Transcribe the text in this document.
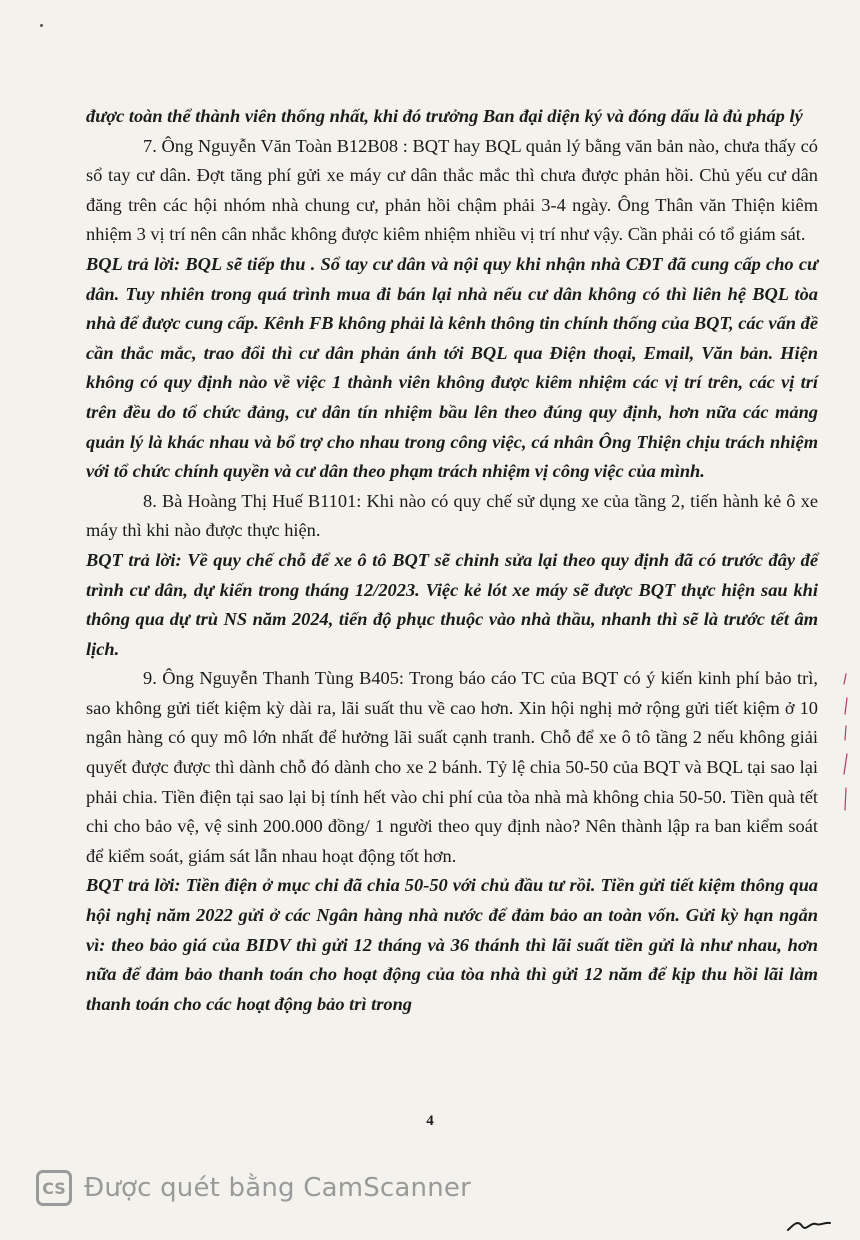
được toàn thể thành viên thống nhất, khi đó trưởng Ban đại diện ký và đóng dấu là đủ pháp lý

7. Ông Nguyễn Văn Toàn B12B08 : BQT hay BQL quản lý bằng văn bản nào, chưa thấy có sổ tay cư dân. Đợt tăng phí gửi xe máy cư dân thắc mắc thì chưa được phản hồi. Chủ yếu cư dân đăng trên các hội nhóm nhà chung cư, phản hồi chậm phải 3-4 ngày. Ông Thân văn Thiện kiêm nhiệm 3 vị trí nên cân nhắc không được kiêm nhiệm nhiều vị trí như vậy. Cần phải có tổ giám sát.

BQL trả lời: BQL sẽ tiếp thu . Sổ tay cư dân và nội quy khi nhận nhà CĐT đã cung cấp cho cư dân. Tuy nhiên trong quá trình mua đi bán lại nhà nếu cư dân không có thì liên hệ BQL tòa nhà để được cung cấp. Kênh FB không phải là kênh thông tin chính thống của BQT, các vấn đề cần thắc mắc, trao đổi thì cư dân phản ánh tới BQL qua Điện thoại, Email, Văn bản. Hiện không có quy định nào về việc 1 thành viên không được kiêm nhiệm các vị trí trên, các vị trí trên đều do tổ chức đảng, cư dân tín nhiệm bầu lên theo đúng quy định, hơn nữa các mảng quản lý là khác nhau và bổ trợ cho nhau trong công việc, cá nhân Ông Thiện chịu trách nhiệm với tổ chức chính quyền và cư dân theo phạm trách nhiệm vị công việc của mình.

8. Bà Hoàng Thị Huế B1101: Khi nào có quy chế sử dụng xe của tầng 2, tiến hành kẻ ô xe máy thì khi nào được thực hiện.

BQT trả lời: Về quy chế chỗ để xe ô tô BQT sẽ chỉnh sửa lại theo quy định đã có trước đây để trình cư dân, dự kiến trong tháng 12/2023. Việc kẻ lót xe máy sẽ được BQT thực hiện sau khi thông qua dự trù NS năm 2024, tiến độ phục thuộc vào nhà thầu, nhanh thì sẽ là trước tết âm lịch.

9. Ông Nguyễn Thanh Tùng B405: Trong báo cáo TC của BQT có ý kiến kinh phí bảo trì, sao không gửi tiết kiệm kỳ dài ra, lãi suất thu về cao hơn. Xin hội nghị mở rộng gửi tiết kiệm ở 10 ngân hàng có quy mô lớn nhất để hưởng lãi suất cạnh tranh. Chỗ để xe ô tô tầng 2 nếu không giải quyết được được thì dành chỗ đó dành cho xe 2 bánh. Tỷ lệ chia 50-50 của BQT và BQL tại sao lại phải chia. Tiền điện tại sao lại bị tính hết vào chi phí của tòa nhà mà không chia 50-50. Tiền quà tết chi cho bảo vệ, vệ sinh 200.000 đồng/ 1 người theo quy định nào? Nên thành lập ra ban kiểm soát để kiểm soát, giám sát lẫn nhau hoạt động tốt hơn.

BQT trả lời: Tiền điện ở mục chi đã chia 50-50 với chủ đầu tư rồi. Tiền gửi tiết kiệm thông qua hội nghị năm 2022 gửi ở các Ngân hàng nhà nước để đảm bảo an toàn vốn. Gửi kỳ hạn ngắn vì: theo bảo giá của BIDV thì gửi 12 tháng và 36 thánh thì lãi suất tiền gửi là như nhau, hơn nữa để đảm bảo thanh toán cho hoạt động của tòa nhà thì gửi 12 năm để kịp thu hồi lãi làm thanh toán cho các hoạt động bảo trì trong

4
CS Được quét bằng CamScanner
